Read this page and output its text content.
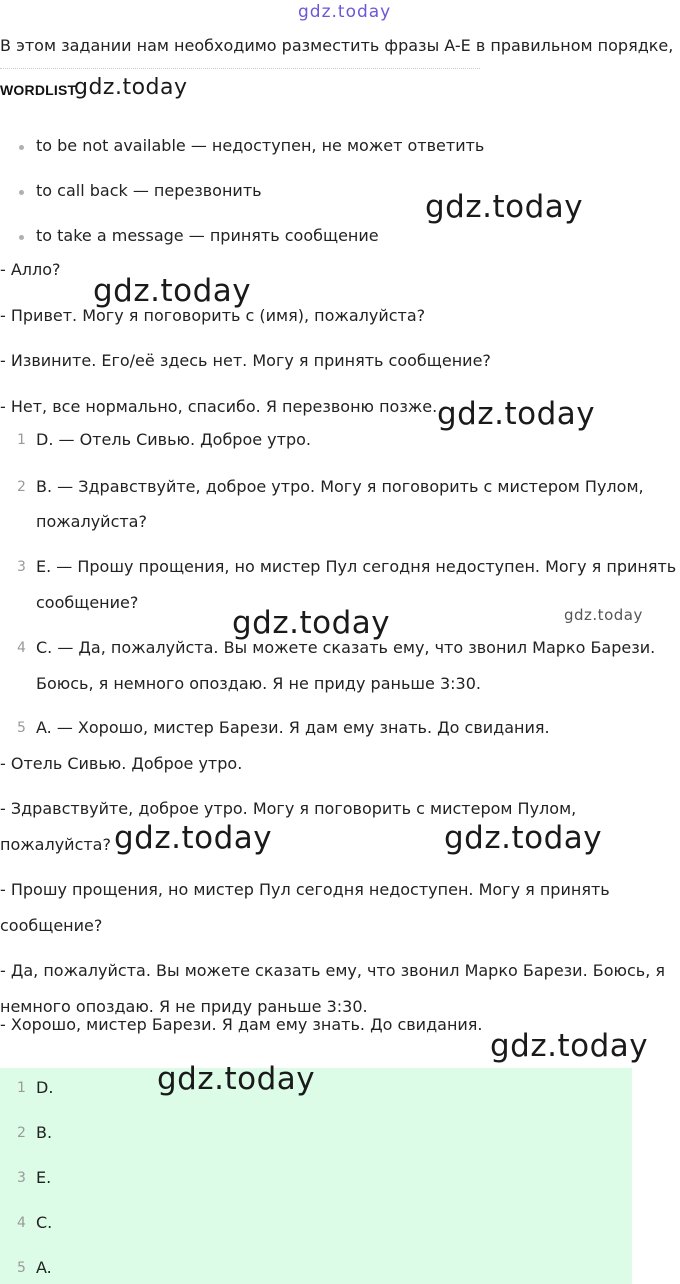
gdz.today
В этом задании нам необходимо разместить фразы A-E в правильном порядке,
WORDLIST
gdz.today
to be not available — недоступен, не может ответить
to call back — перезвонить
to take a message — принять сообщение
gdz.today
- Алло?
gdz.today
- Привет. Могу я поговорить с (имя), пожалуйста?
- Извините. Его/её здесь нет. Могу я принять сообщение?
- Нет, все нормально, спасибо. Я перезвоню позже. gdz.today
1 D. — Отель Сивью. Доброе утро.
2 B. — Здравствуйте, доброе утро. Могу я поговорить с мистером Пулом,
пожалуйста?
3 E. — Прошу прощения, но мистер Пул сегодня недоступен. Могу я принять
сообщение?
4 C. — Да, пожалуйста. Вы можете сказать ему, что звонил Марко Барези.
Боюсь, я немного опоздаю. Я не приду раньше 3:30.
5 A. — Хорошо, мистер Барези. Я дам ему знать. До свидания.
gdz.today	gdz.today
- Отель Сивью. Доброе утро.
- Здравствуйте, доброе утро. Могу я поговорить с мистером Пулом,
пожалуйста? gdz.today	gdz.today
- Прошу прощения, но мистер Пул сегодня недоступен. Могу я принять
сообщение?
- Да, пожалуйста. Вы можете сказать ему, что звонил Марко Барези. Боюсь, я
немного опоздаю. Я не приду раньше 3:30.
- Хорошо, мистер Барези. Я дам ему знать. До свидания.
gdz.today
1 D.
2 B.
3 E.
4 C.
5 A.
gdz.today
